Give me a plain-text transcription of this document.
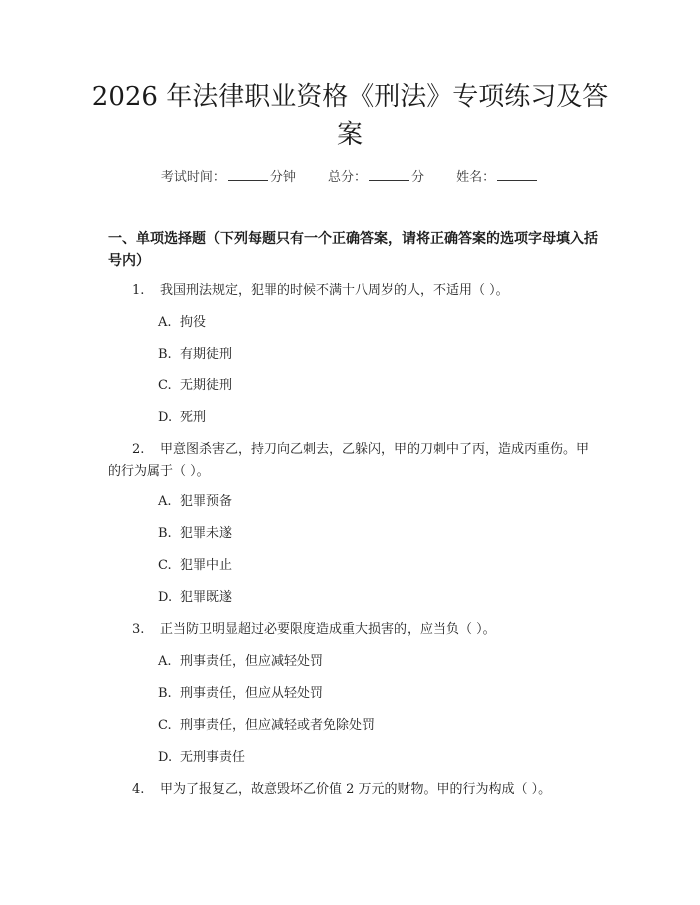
2026 年法律职业资格《刑法》专项练习及答案
考试时间：	分钟 总分：	分 姓名：
一、单项选择题（下列每题只有一个正确答案，请将正确答案的选项字母填入括号内）
1. 我国刑法规定，犯罪的时候不满十八周岁的人，不适用（ ）。
A. 拘役
B. 有期徒刑
C. 无期徒刑
D. 死刑
2. 甲意图杀害乙，持刀向乙刺去，乙躲闪，甲的刀刺中了丙，造成丙重伤。甲的行为属于（ ）。
A. 犯罪预备
B. 犯罪未遂
C. 犯罪中止
D. 犯罪既遂
3. 正当防卫明显超过必要限度造成重大损害的，应当负（ ）。
A. 刑事责任，但应减轻处罚
B. 刑事责任，但应从轻处罚
C. 刑事责任，但应减轻或者免除处罚
D. 无刑事责任
4. 甲为了报复乙，故意毁坏乙价值 2 万元的财物。甲的行为构成（ ）。
